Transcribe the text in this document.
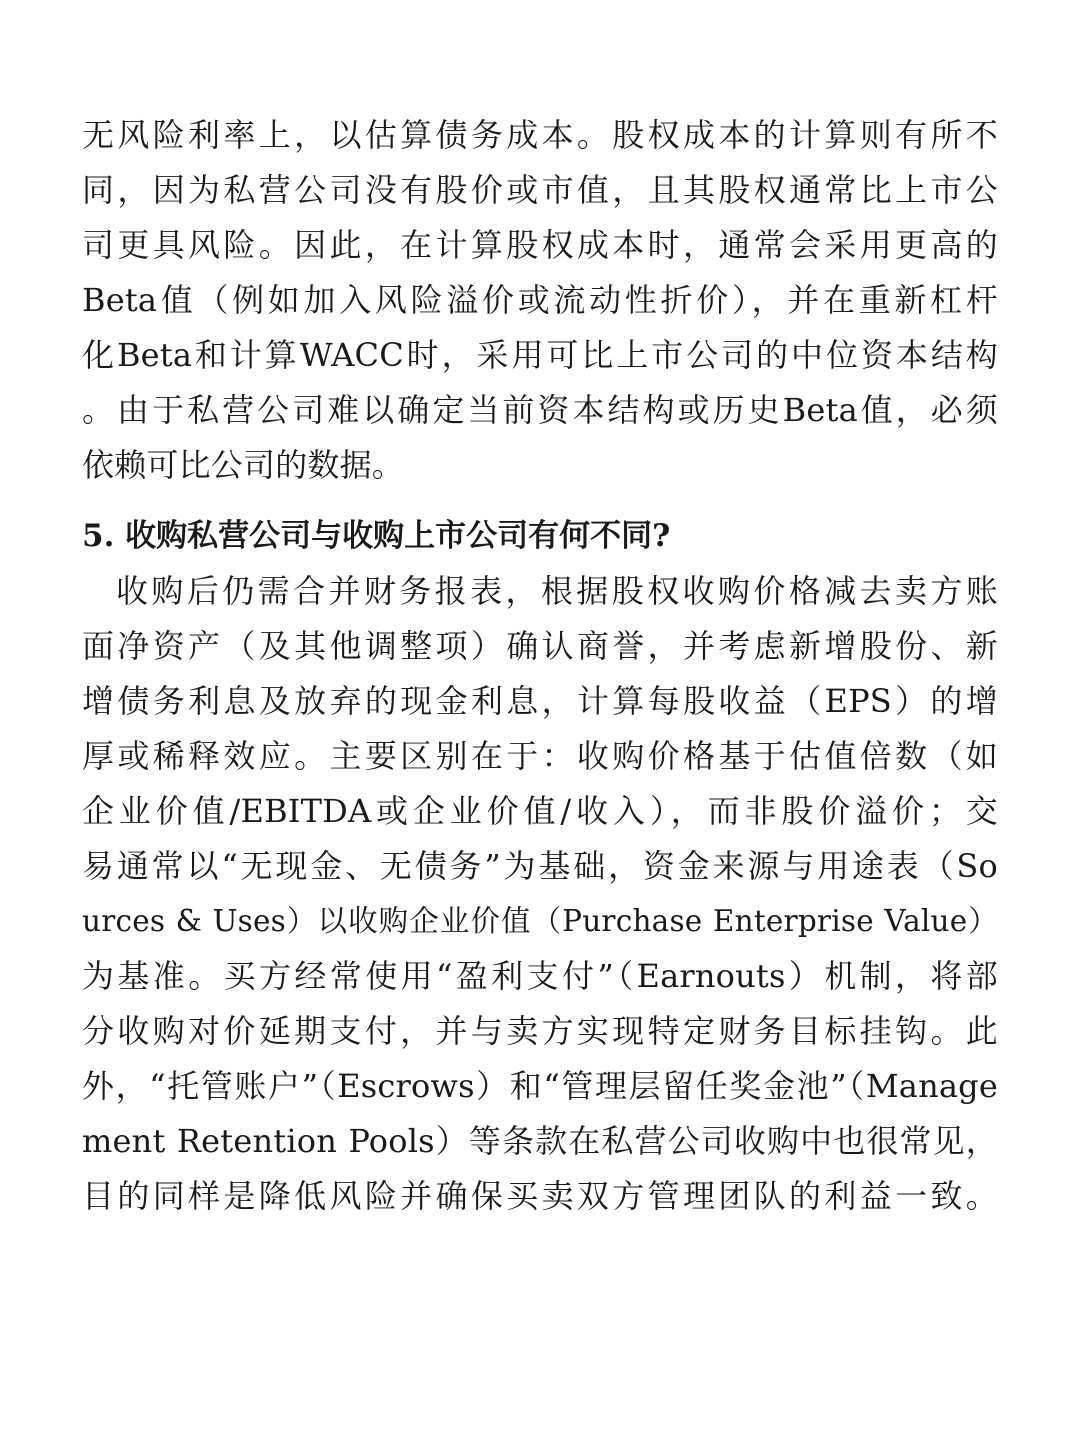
无风险利率上，以估算债务成本。股权成本的计算则有所不
同，因为私营公司没有股价或市值，且其股权通常比上市公
司更具风险。因此，在计算股权成本时，通常会采用更高的
Beta值（例如加入风险溢价或流动性折价），并在重新杠杆
化Beta和计算WACC时，采用可比上市公司的中位资本结构
。由于私营公司难以确定当前资本结构或历史Beta值，必须
依赖可比公司的数据。
5. 收购私营公司与收购上市公司有何不同?
收购后仍需合并财务报表，根据股权收购价格减去卖方账
面净资产（及其他调整项）确认商誉，并考虑新增股份、新
增债务利息及放弃的现金利息，计算每股收益（EPS）的增
厚或稀释效应。主要区别在于：收购价格基于估值倍数（如
企业价值/EBITDA或企业价值/收入），而非股价溢价；交
易通常以“无现金、无债务”为基础，资金来源与用途表（So
urces & Uses）以收购企业价值（Purchase Enterprise Value）
为基准。买方经常使用“盈利支付”（Earnouts）机制，将部
分收购对价延期支付，并与卖方实现特定财务目标挂钩。此
外，“托管账户”（Escrows）和“管理层留任奖金池”（Manage
ment Retention Pools）等条款在私营公司收购中也很常见，
目的同样是降低风险并确保买卖双方管理团队的利益一致。
